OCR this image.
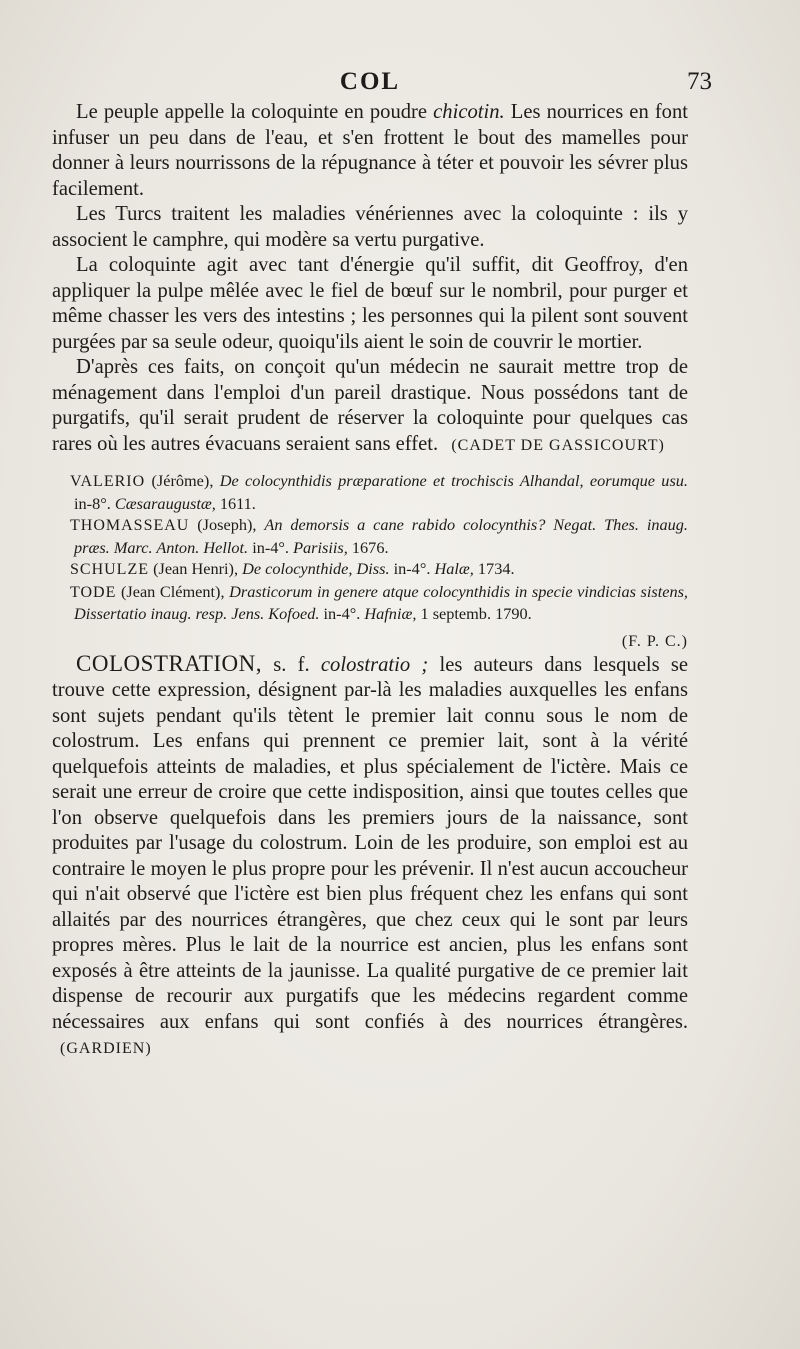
COL	73

Le peuple appelle la coloquinte en poudre chicotin. Les nourrices en font infuser un peu dans de l'eau, et s'en frottent le bout des mamelles pour donner à leurs nourrissons de la répugnance à téter et pouvoir les sévrer plus facilement.

Les Turcs traitent les maladies vénériennes avec la coloquinte : ils y associent le camphre, qui modère sa vertu purgative.

La coloquinte agit avec tant d'énergie qu'il suffit, dit Geoffroy, d'en appliquer la pulpe mêlée avec le fiel de bœuf sur le nombril, pour purger et même chasser les vers des intestins ; les personnes qui la pilent sont souvent purgées par sa seule odeur, quoiqu'ils aient le soin de couvrir le mortier.

D'après ces faits, on conçoit qu'un médecin ne saurait mettre trop de ménagement dans l'emploi d'un pareil drastique. Nous possédons tant de purgatifs, qu'il serait prudent de réserver la coloquinte pour quelques cas rares où les autres évacuans seraient sans effet. (CADET DE GASSICOURT)

VALERIO (Jérôme), De colocynthidis præparatione et trochiscis Alhandal, eorumque usu. in-8°. Cæsaraugustæ, 1611.

THOMASSEAU (Joseph), An demorsis a cane rabido colocynthis? Negat. Thes. inaug. præs. Marc. Anton. Hellot. in-4°. Parisiis, 1676.

SCHULZE (Jean Henri), De colocynthide, Diss. in-4°. Halæ, 1734.

TODE (Jean Clément), Drasticorum in genere atque colocynthidis in specie vindicias sistens, Dissertatio inaug. resp. Jens. Kofoed. in-4°. Hafniæ, 1 septemb. 1790.

(F. P. C.)

COLOSTRATION, s. f. colostratio ; les auteurs dans lesquels se trouve cette expression, désignent par-là les maladies auxquelles les enfans sont sujets pendant qu'ils tètent le premier lait connu sous le nom de colostrum. Les enfans qui prennent ce premier lait, sont à la vérité quelquefois atteints de maladies, et plus spécialement de l'ictère. Mais ce serait une erreur de croire que cette indisposition, ainsi que toutes celles que l'on observe quelquefois dans les premiers jours de la naissance, sont produites par l'usage du colostrum. Loin de les produire, son emploi est au contraire le moyen le plus propre pour les prévenir. Il n'est aucun accoucheur qui n'ait observé que l'ictère est bien plus fréquent chez les enfans qui sont allaités par des nourrices étrangères, que chez ceux qui le sont par leurs propres mères. Plus le lait de la nourrice est ancien, plus les enfans sont exposés à être atteints de la jaunisse. La qualité purgative de ce premier lait dispense de recourir aux purgatifs que les médecins regardent comme nécessaires aux enfans qui sont confiés à des nourrices étrangères. (GARDIEN)
